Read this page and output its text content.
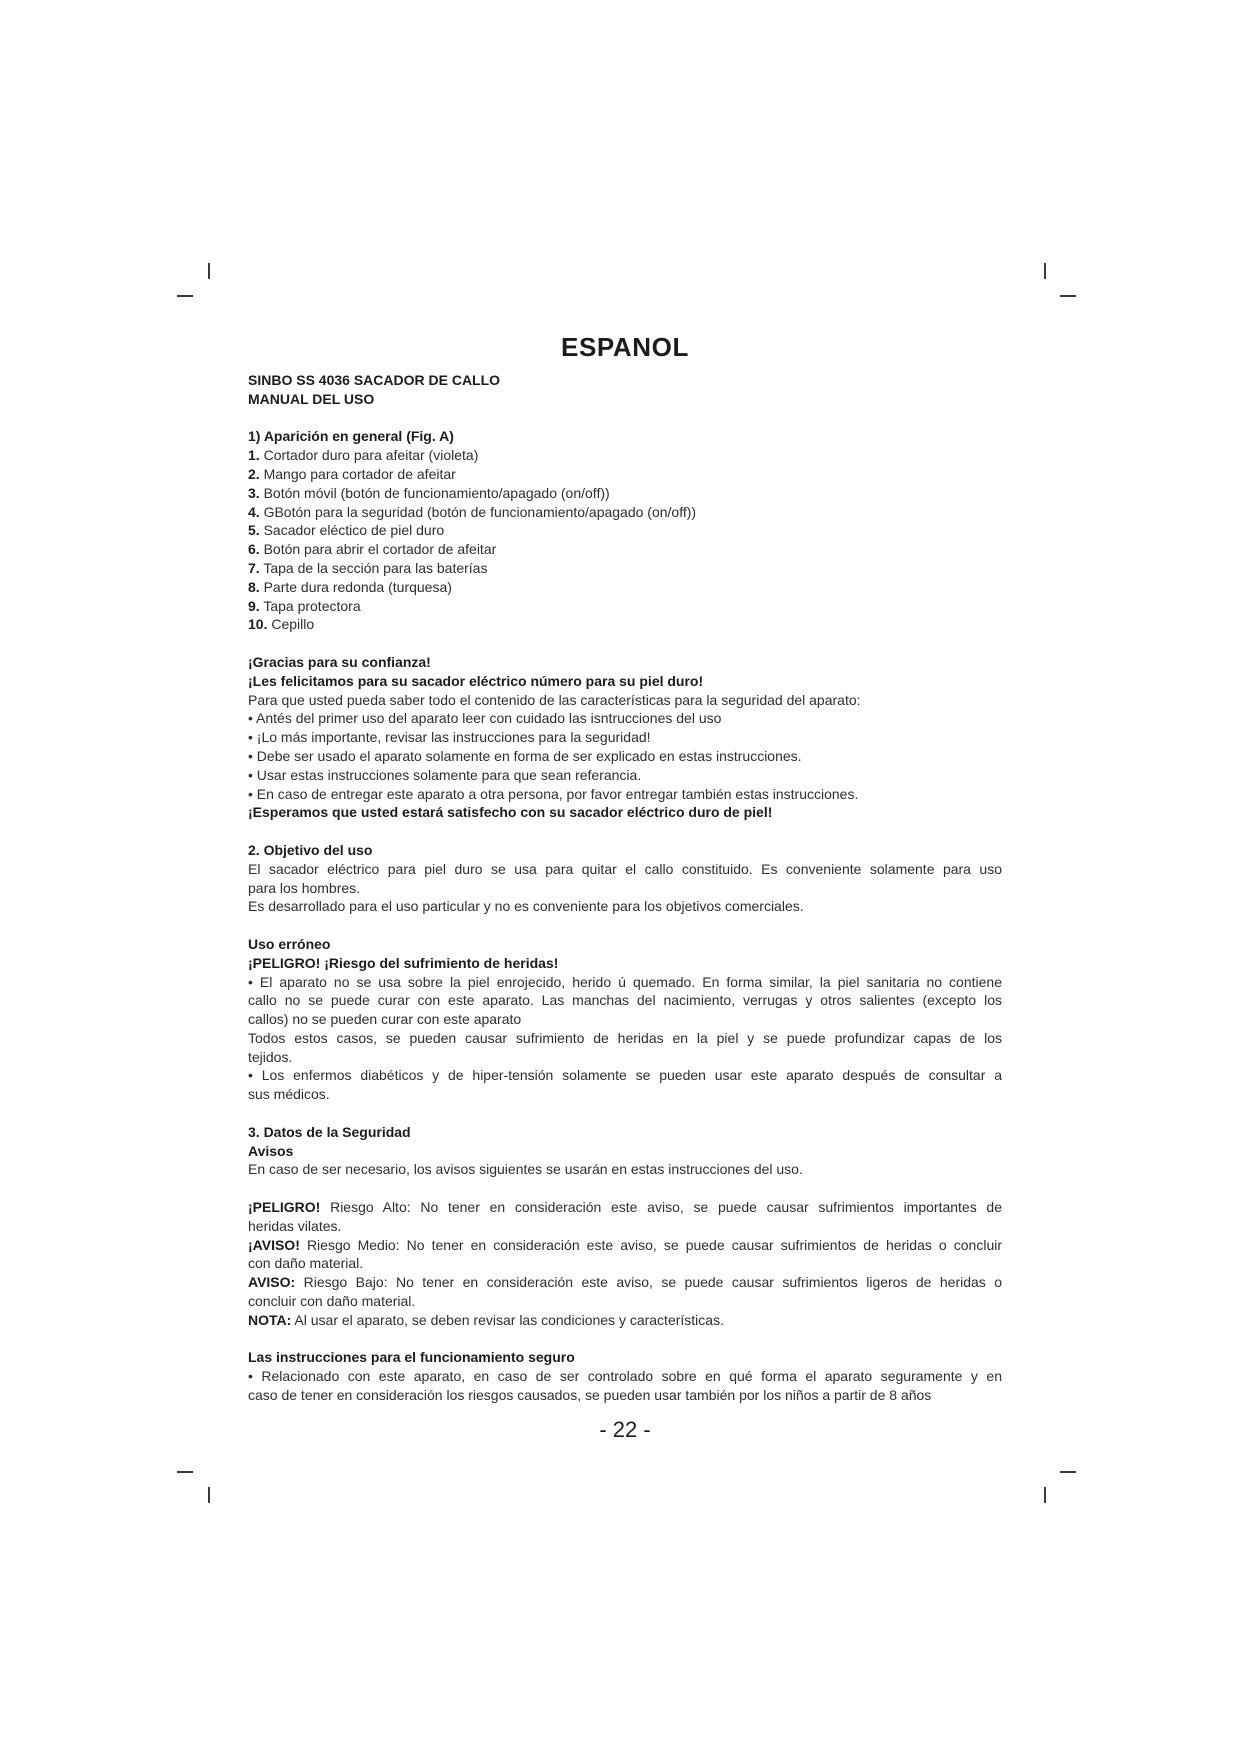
ESPANOL
SINBO SS 4036 SACADOR DE CALLO
MANUAL DEL USO
1) Aparición en general (Fig. A)
1. Cortador duro para afeitar (violeta)
2. Mango para cortador de afeitar
3. Botón móvil (botón de funcionamiento/apagado (on/off))
4. GBotón para la seguridad (botón de funcionamiento/apagado (on/off))
5. Sacador eléctico de piel duro
6. Botón para abrir el cortador de afeitar
7. Tapa de la sección para las baterías
8. Parte dura redonda (turquesa)
9. Tapa protectora
10. Cepillo
¡Gracias para su confianza!
¡Les felicitamos para su sacador eléctrico número para su piel duro!
Para que usted pueda saber todo el contenido de las características para la seguridad del aparato:
• Antés del primer uso del aparato leer con cuidado las isntrucciones del uso
• ¡Lo más importante, revisar las instrucciones para la seguridad!
• Debe ser usado el aparato solamente en forma de ser explicado en estas instrucciones.
• Usar estas instrucciones solamente para que sean referancia.
• En caso de entregar este aparato a otra persona, por favor entregar también estas instrucciones.
¡Esperamos que usted estará satisfecho con su sacador eléctrico duro de piel!
2. Objetivo del uso
El sacador eléctrico para piel duro se usa para quitar el callo constituido. Es conveniente solamente para uso
para los hombres.
Es desarrollado para el uso particular y no es conveniente para los objetivos comerciales.
Uso erróneo
¡PELIGRO! ¡Riesgo del sufrimiento de heridas!
• El aparato no se usa sobre la piel enrojecido, herido ú quemado. En forma similar, la piel sanitaria no contiene
callo no se puede curar con este aparato. Las manchas del nacimiento, verrugas y otros salientes (excepto los
callos) no se pueden curar con este aparato
Todos estos casos, se pueden causar sufrimiento de heridas en la piel y se puede profundizar capas de los
tejidos.
• Los enfermos diabéticos y de hiper-tensión solamente se pueden usar este aparato después de consultar a
sus médicos.
3. Datos de la Seguridad
Avisos
En caso de ser necesario, los avisos siguientes se usarán en estas instrucciones del uso.
¡PELIGRO! Riesgo Alto: No tener en consideración este aviso, se puede causar sufrimientos importantes de
heridas vilates.
¡AVISO! Riesgo Medio: No tener en consideración este aviso, se puede causar sufrimientos de heridas o concluir
con daño material.
AVISO: Riesgo Bajo: No tener en consideración este aviso, se puede causar sufrimientos ligeros de heridas o
concluir con daño material.
NOTA: Al usar el aparato, se deben revisar las condiciones y características.
Las instrucciones para el funcionamiento seguro
• Relacionado con este aparato, en caso de ser controlado sobre en qué forma el aparato seguramente y en
caso de tener en consideración los riesgos causados, se pueden usar también por los niños a partir de 8 años
- 22 -
